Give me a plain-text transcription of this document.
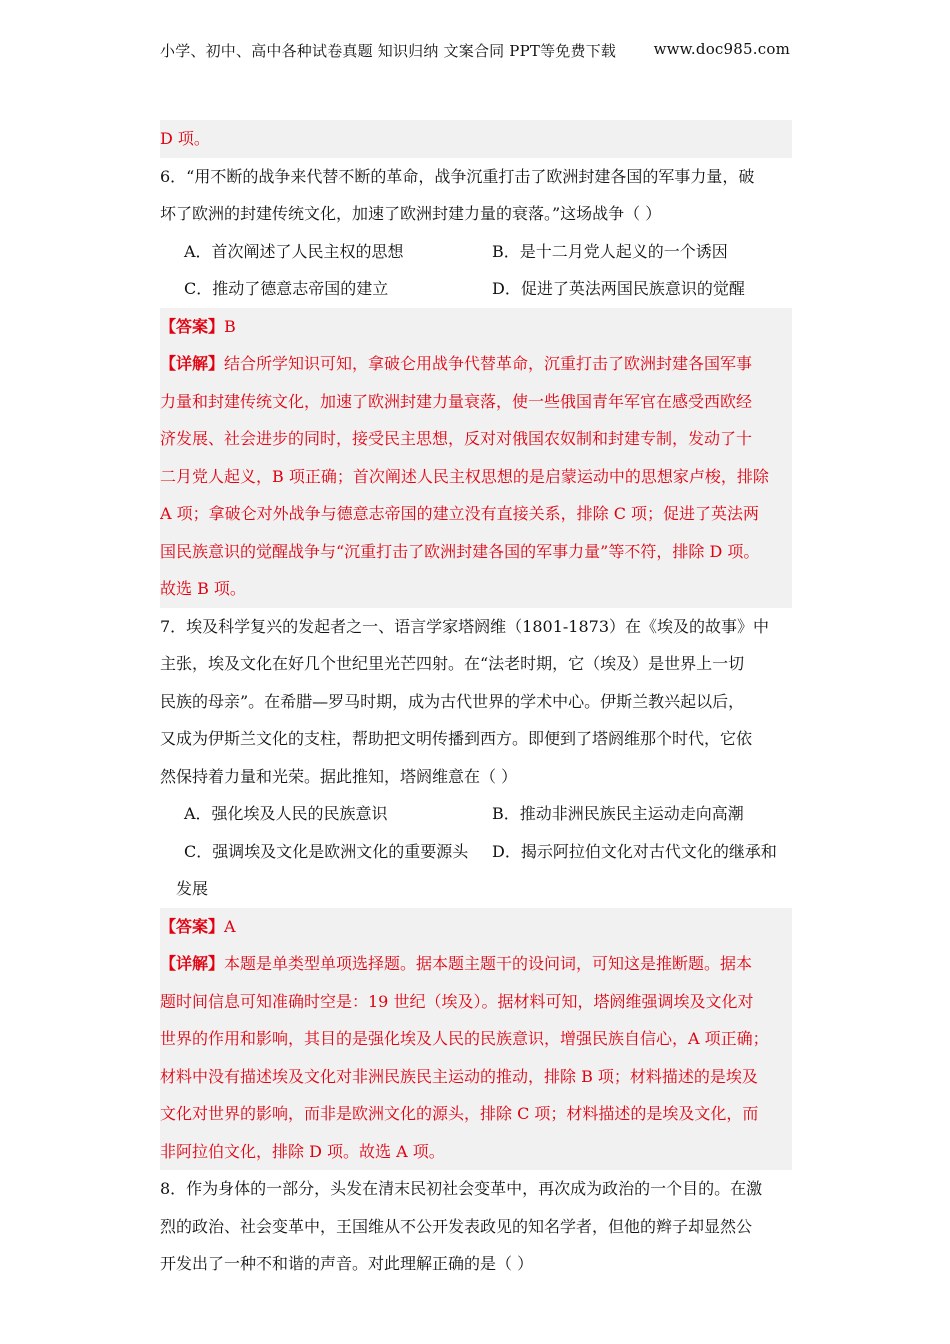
小学、初中、高中各种试卷真题 知识归纳 文案合同 PPT等免费下载 www.doc985.com
D 项。
6．“用不断的战争来代替不断的革命，战争沉重打击了欧洲封建各国的军事力量，破
坏了欧洲的封建传统文化，加速了欧洲封建力量的衰落。”这场战争（ ）
A．首次阐述了人民主权的思想	B．是十二月党人起义的一个诱因
C．推动了德意志帝国的建立	D．促进了英法两国民族意识的觉醒
【答案】B
【详解】结合所学知识可知，拿破仑用战争代替革命，沉重打击了欧洲封建各国军事
力量和封建传统文化，加速了欧洲封建力量衰落，使一些俄国青年军官在感受西欧经
济发展、社会进步的同时，接受民主思想，反对对俄国农奴制和封建专制，发动了十
二月党人起义，B 项正确；首次阐述人民主权思想的是启蒙运动中的思想家卢梭，排除
A 项；拿破仑对外战争与德意志帝国的建立没有直接关系，排除 C 项；促进了英法两
国民族意识的觉醒战争与“沉重打击了欧洲封建各国的军事力量”等不符，排除 D 项。
故选 B 项。
7．埃及科学复兴的发起者之一、语言学家塔阏维（1801-1873）在《埃及的故事》中
主张，埃及文化在好几个世纪里光芒四射。在“法老时期，它（埃及）是世界上一切
民族的母亲”。在希腊—罗马时期，成为古代世界的学术中心。伊斯兰教兴起以后，
又成为伊斯兰文化的支柱，帮助把文明传播到西方。即便到了塔阏维那个时代，它依
然保持着力量和光荣。据此推知，塔阏维意在（ ）
A．强化埃及人民的民族意识	B．推动非洲民族民主运动走向高潮
C．强调埃及文化是欧洲文化的重要源头	D．揭示阿拉伯文化对古代文化的继承和
发展
【答案】A
【详解】本题是单类型单项选择题。据本题主题干的设问词，可知这是推断题。据本
题时间信息可知准确时空是：19 世纪（埃及）。据材料可知，塔阏维强调埃及文化对
世界的作用和影响，其目的是强化埃及人民的民族意识，增强民族自信心，A 项正确；
材料中没有描述埃及文化对非洲民族民主运动的推动，排除 B 项；材料描述的是埃及
文化对世界的影响，而非是欧洲文化的源头，排除 C 项；材料描述的是埃及文化，而
非阿拉伯文化，排除 D 项。故选 A 项。
8．作为身体的一部分，头发在清末民初社会变革中，再次成为政治的一个目的。在激
烈的政治、社会变革中，王国维从不公开发表政见的知名学者，但他的辫子却显然公
开发出了一种不和谐的声音。对此理解正确的是（ ）
